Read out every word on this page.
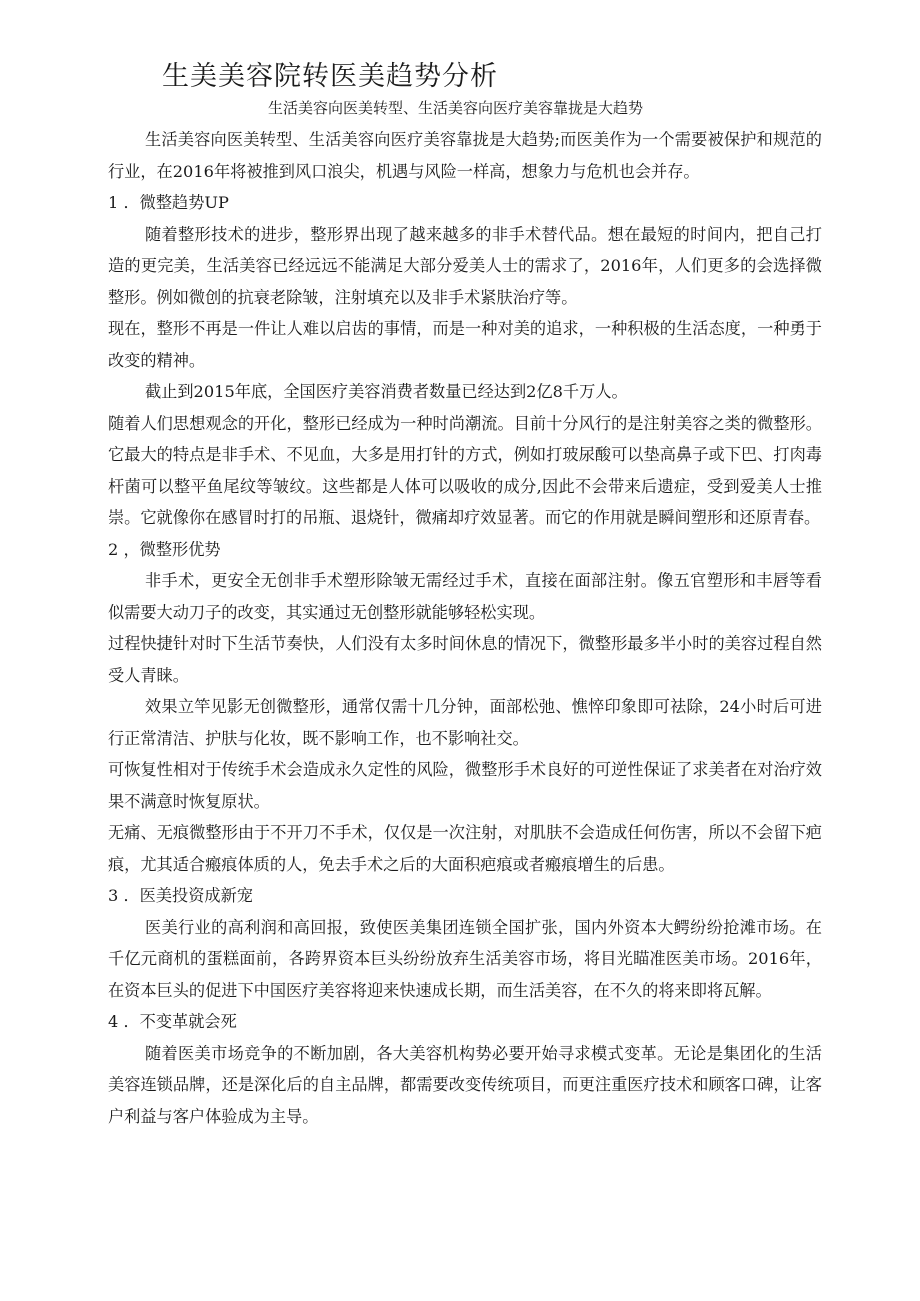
生美美容院转医美趋势分析
生活美容向医美转型、生活美容向医疗美容靠拢是大趋势

生活美容向医美转型、生活美容向医疗美容靠拢是大趋势;而医美作为一个需要被保护和规范的行业，在2016年将被推到风口浪尖，机遇与风险一样高，想象力与危机也会并存。

1 ．微整趋势UP

随着整形技术的进步，整形界出现了越来越多的非手术替代品。想在最短的时间内，把自己打造的更完美，生活美容已经远远不能满足大部分爱美人士的需求了，2016年，人们更多的会选择微整形。例如微创的抗衰老除皱，注射填充以及非手术紧肤治疗等。

现在，整形不再是一件让人难以启齿的事情，而是一种对美的追求，一种积极的生活态度，一种勇于改变的精神。

截止到2015年底，全国医疗美容消费者数量已经达到2亿8千万人。

随着人们思想观念的开化，整形已经成为一种时尚潮流。目前十分风行的是注射美容之类的微整形。它最大的特点是非手术、不见血，大多是用打针的方式，例如打玻尿酸可以垫高鼻子或下巴、打肉毒杆菌可以整平鱼尾纹等皱纹。这些都是人体可以吸收的成分,因此不会带来后遗症，受到爱美人士推崇。它就像你在感冒时打的吊瓶、退烧针，微痛却疗效显著。而它的作用就是瞬间塑形和还原青春。

2 ，微整形优势

非手术，更安全无创非手术塑形除皱无需经过手术，直接在面部注射。像五官塑形和丰唇等看似需要大动刀子的改变，其实通过无创整形就能够轻松实现。

过程快捷针对时下生活节奏快，人们没有太多时间休息的情况下，微整形最多半小时的美容过程自然受人青睐。

效果立竿见影无创微整形，通常仅需十几分钟，面部松弛、憔悴印象即可祛除，24小时后可进行正常清洁、护肤与化妆，既不影响工作，也不影响社交。

可恢复性相对于传统手术会造成永久定性的风险，微整形手术良好的可逆性保证了求美者在对治疗效果不满意时恢复原状。

无痛、无痕微整形由于不开刀不手术，仅仅是一次注射，对肌肤不会造成任何伤害，所以不会留下疤痕，尤其适合瘢痕体质的人，免去手术之后的大面积疤痕或者瘢痕增生的后患。

3 ．医美投资成新宠

医美行业的高利润和高回报，致使医美集团连锁全国扩张，国内外资本大鳄纷纷抢滩市场。在千亿元商机的蛋糕面前，各跨界资本巨头纷纷放弃生活美容市场，将目光瞄准医美市场。2016年，在资本巨头的促进下中国医疗美容将迎来快速成长期，而生活美容，在不久的将来即将瓦解。

4 ．不变革就会死

随着医美市场竞争的不断加剧，各大美容机构势必要开始寻求模式变革。无论是集团化的生活美容连锁品牌，还是深化后的自主品牌，都需要改变传统项目，而更注重医疗技术和顾客口碑，让客户利益与客户体验成为主导。
